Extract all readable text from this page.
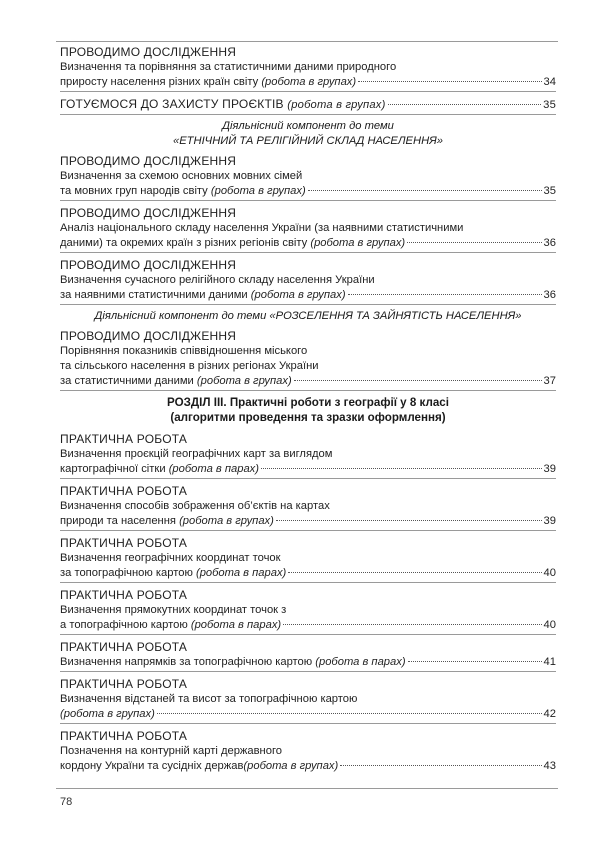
ПРОВОДИМО ДОСЛІДЖЕННЯ
Визначення та порівняння за статистичними даними природного
приросту населення різних країн світу (робота в групах)	34
ГОТУЄМОСЯ ДО ЗАХИСТУ ПРОЄКТІВ (робота в групах)	35
Діяльнісний компонент до теми
«ЕТНІЧНИЙ ТА РЕЛІГІЙНИЙ СКЛАД НАСЕЛЕННЯ»
ПРОВОДИМО ДОСЛІДЖЕННЯ
Визначення за схемою основних мовних сімей
та мовних груп народів світу (робота в групах)	35
ПРОВОДИМО ДОСЛІДЖЕННЯ
Аналіз національного складу населення України (за наявними статистичними
даними) та окремих країн з різних регіонів світу (робота в групах)	36
ПРОВОДИМО ДОСЛІДЖЕННЯ
Визначення сучасного релігійного складу населення України
за наявними статистичними даними (робота в групах)	36
Діяльнісний компонент до теми «РОЗСЕЛЕННЯ ТА ЗАЙНЯТІСТЬ НАСЕЛЕННЯ»
ПРОВОДИМО ДОСЛІДЖЕННЯ
Порівняння показників співвідношення міського
та сільського населення в різних регіонах України
за статистичними даними (робота в групах)	37
РОЗДІЛ ІІІ. Практичні роботи з географії у 8 класі
(алгоритми проведення та зразки оформлення)
ПРАКТИЧНА РОБОТА
Визначення проєкцій географічних карт за виглядом
картографічної сітки (робота в парах)	39
ПРАКТИЧНА РОБОТА
Визначення способів зображення об’єктів на картах
природи та населення (робота в групах)	39
ПРАКТИЧНА РОБОТА
Визначення географічних координат точок
за топографічною картою (робота в парах)	40
ПРАКТИЧНА РОБОТА
Визначення прямокутних координат точок з
а топографічною картою (робота в парах)	40
ПРАКТИЧНА РОБОТА
Визначення напрямків за топографічною картою (робота в парах)	41
ПРАКТИЧНА РОБОТА
Визначення відстаней та висот за топографічною картою
(робота в групах)	42
ПРАКТИЧНА РОБОТА
Позначення на контурній карті державного
кордону України та сусідніх держав(робота в групах)	43
78
